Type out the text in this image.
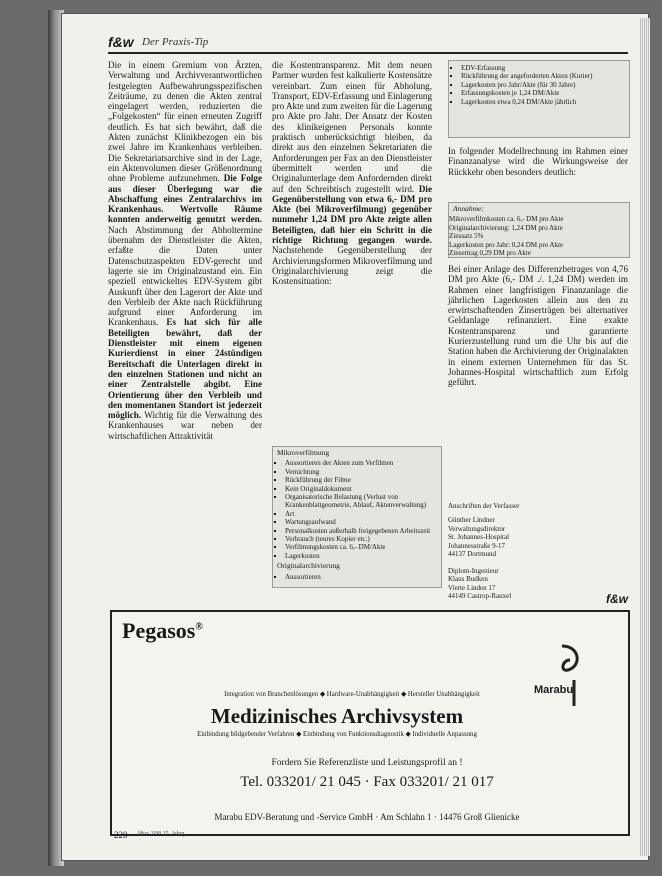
f&w Der Praxis-Tip

Die in einem Gremium von Ärzten, Verwaltung und Archivverantwortlichen festgelegten Aufbewahrungsspezifischen Zeiträume, zu denen die Akten zentral eingelagert werden, reduzierten die „Folgekosten“ für einen erneuten Zugriff deutlich. Es hat sich bewährt, daß die Akten zunächst Klinikbezogen ein bis zwei Jahre im Krankenhaus verbleiben. Die Sekretariatsarchive sind in der Lage, ein Aktenvolumen dieser Größenordnung ohne Probleme aufzunehmen. Die Folge aus dieser Überlegung war die Abschaffung eines Zentralarchivs im Krankenhaus. Wertvolle Räume konnten anderweitig genutzt werden. Nach Abstimmung der Abholtermine übernahm der Dienstleister die Akten, erfaßte die Daten unter Datenschutzaspekten EDV-gerecht und lagerte sie im Originalzustand ein. Ein speziell entwickeltes EDV-System gibt Auskunft über den Lagerort der Akte und den Verbleib der Akte nach Rückführung aufgrund einer Anforderung im Krankenhaus. Es hat sich für alle Beteiligten bewährt, daß der Dienstleister mit einem eigenen Kurierdienst in einer 24stündigen Bereitschaft die Unterlagen direkt in den einzelnen Stationen und nicht an einer Zentralstelle abgibt. Eine Orientierung über den Verbleib und den momentanen Standort ist jederzeit möglich. Wichtig für die Verwaltung des Krankenhauses war neben der wirtschaftlichen Attraktivität

die Kostentransparenz. Mit dem neuen Partner wurden fest kalkulierte Kostensätze vereinbart. Zum einen für Abholung, Transport, EDV-Erfassung und Einlagerung pro Akte und zum zweiten für die Lagerung pro Akte pro Jahr. Der Ansatz der Kosten des klinikeigenen Personals konnte praktisch unberücksichtigt bleiben, da direkt aus den einzelnen Sekretariaten die Anforderungen per Fax an den Dienstleister übermittelt werden und die Originalunterlage dem Anfordernden direkt auf den Schreibtisch zugestellt wird. Die Gegenüberstellung von etwa 6,- DM pro Akte (bei Mikroverfilmung) gegenüber nunmehr 1,24 DM pro Akte zeigte allen Beteiligten, daß hier ein Schritt in die richtige Richtung gegangen wurde. Nachstehende Gegenüberstellung der Archivierungsformen Mikroverfilmung und Originalarchivierung zeigt die Kostensituation:

Mikroverfilmung
▪ Aussortieren der Akten zum Verfilmen
▪ Vernichtung
▪ Rückführung der Filme
▪ Kein Originaldokument
▪ Organisatorische Belastung (Verlust von Krankenblattgeometrie, Ablauf, Aktenverwaltung)
▪ Art
▪ Wartungsaufwand
▪ Personalkosten außerhalb freigegebenen Arbeitszeit
▪ Verbrauch (teures Kopier etc.)
▪ Verfilmungskosten ca. 6,- DM/Akte
▪ Lagerkosten
Originalarchivierung
▪ Aussortieren
▪ EDV-Erfassung
▪ Rückführung der angeforderten Akten (Kurier)
▪ Lagerkosten pro Jahr/Akte (für 30 Jahre)
▪ Erfassungskosten je 1,24 DM/Akte
▪ Lagerkosten etwa 0,24 DM/Akte jährlich

In folgender Modellrechnung im Rahmen einer Finanzanalyse wird die Wirkungsweise der Rückkehr oben besonders deutlich:

Annahme:
Mikroverfilmkosten ca. 6,- DM pro Akte
Originalarchivierung: 1,24 DM pro Akte
Zinssatz 5%
Lagerkosten pro Jahr: 0,24 DM pro Akte
Zinsertrag 0,29 DM pro Akte

Bei einer Anlage des Differenzbetrages von 4,76 DM pro Akte (6,- DM ./. 1,24 DM) werden im Rahmen einer langfristigen Finanzanlage die jährlichen Lagerkosten allein aus den zu erwirtschaftenden Zinserträgen bei alternativer Geldanlage refinanziert. Eine exakte Kostentransparenz und garantierte Kurierzustellung rund um die Uhr bis auf die Station haben die Archivierung der Originalakten in einem externen Unternehmen für das St. Johannes-Hospital wirtschaftlich zum Erfolg geführt.

Anschriften der Verfasser
Günther Lindner
Verwaltungsdirektor
St. Johannes-Hospital
Johannesstraße 9-17
44137 Dortmund

Diplom-Ingenieur
Klaus Budken
Vierte Linden 17
44149 Castrop-Rauxel	f&w
Pegasos®
Marabu
Integration von Branchenlösungen ◆ Hardware-Unabhängigkeit ◆ Hersteller Unabhängigkeit
Medizinisches Archivsystem
Einbindung bildgebender Verfahren ◆ Einbindung von Funktionsdiagnostik ◆ Individuelle Anpassung
Fordern Sie Referenzliste und Leistungsprofil an !
Tel. 033201/ 21 045 · Fax 033201/ 21 017
Marabu EDV-Beratung und -Service GmbH · Am Schlahn 1 · 14476 Groß Glienicke
220 f&w 3/98 15. Jahrg.
